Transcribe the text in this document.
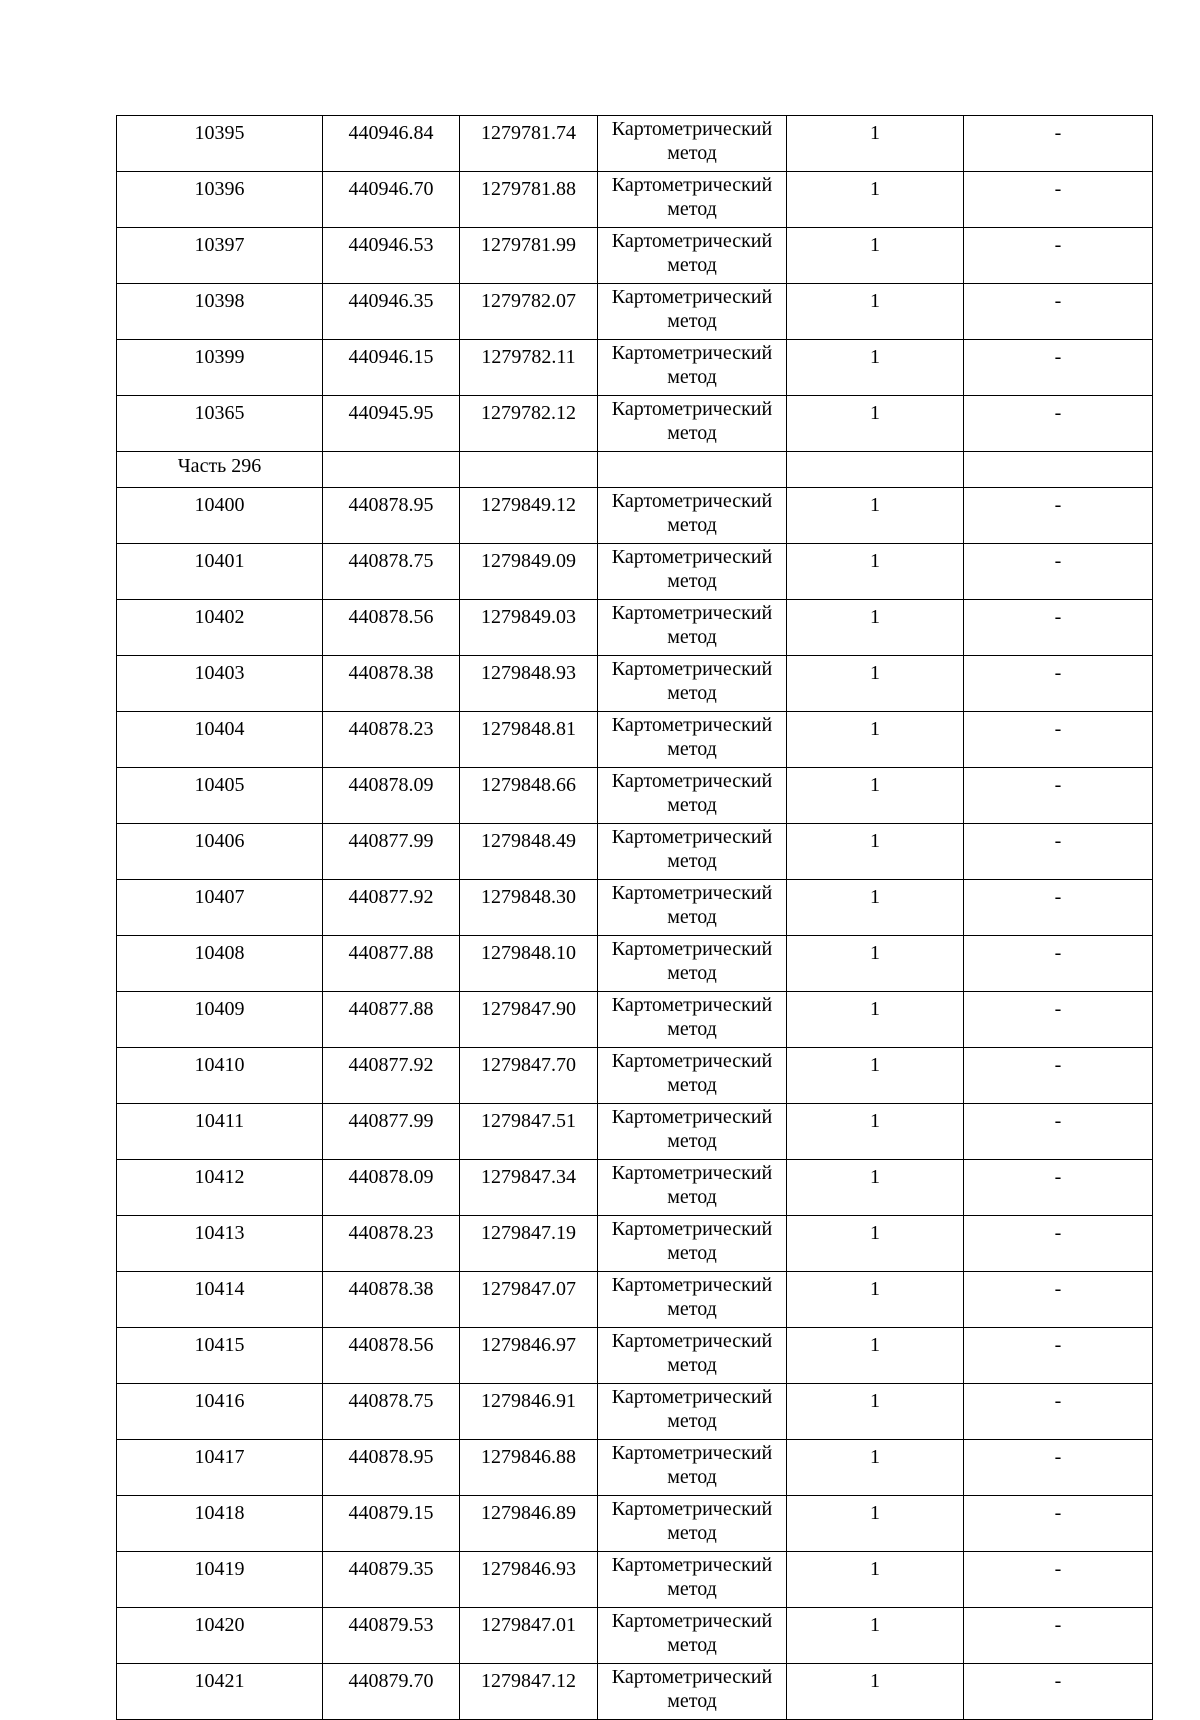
10395	440946.84	1279781.74	Картометрический метод	1	-
10396	440946.70	1279781.88	Картометрический метод	1	-
10397	440946.53	1279781.99	Картометрический метод	1	-
10398	440946.35	1279782.07	Картометрический метод	1	-
10399	440946.15	1279782.11	Картометрический метод	1	-
10365	440945.95	1279782.12	Картометрический метод	1	-
Часть 296					
10400	440878.95	1279849.12	Картометрический метод	1	-
10401	440878.75	1279849.09	Картометрический метод	1	-
10402	440878.56	1279849.03	Картометрический метод	1	-
10403	440878.38	1279848.93	Картометрический метод	1	-
10404	440878.23	1279848.81	Картометрический метод	1	-
10405	440878.09	1279848.66	Картометрический метод	1	-
10406	440877.99	1279848.49	Картометрический метод	1	-
10407	440877.92	1279848.30	Картометрический метод	1	-
10408	440877.88	1279848.10	Картометрический метод	1	-
10409	440877.88	1279847.90	Картометрический метод	1	-
10410	440877.92	1279847.70	Картометрический метод	1	-
10411	440877.99	1279847.51	Картометрический метод	1	-
10412	440878.09	1279847.34	Картометрический метод	1	-
10413	440878.23	1279847.19	Картометрический метод	1	-
10414	440878.38	1279847.07	Картометрический метод	1	-
10415	440878.56	1279846.97	Картометрический метод	1	-
10416	440878.75	1279846.91	Картометрический метод	1	-
10417	440878.95	1279846.88	Картометрический метод	1	-
10418	440879.15	1279846.89	Картометрический метод	1	-
10419	440879.35	1279846.93	Картометрический метод	1	-
10420	440879.53	1279847.01	Картометрический метод	1	-
10421	440879.70	1279847.12	Картометрический метод	1	-
